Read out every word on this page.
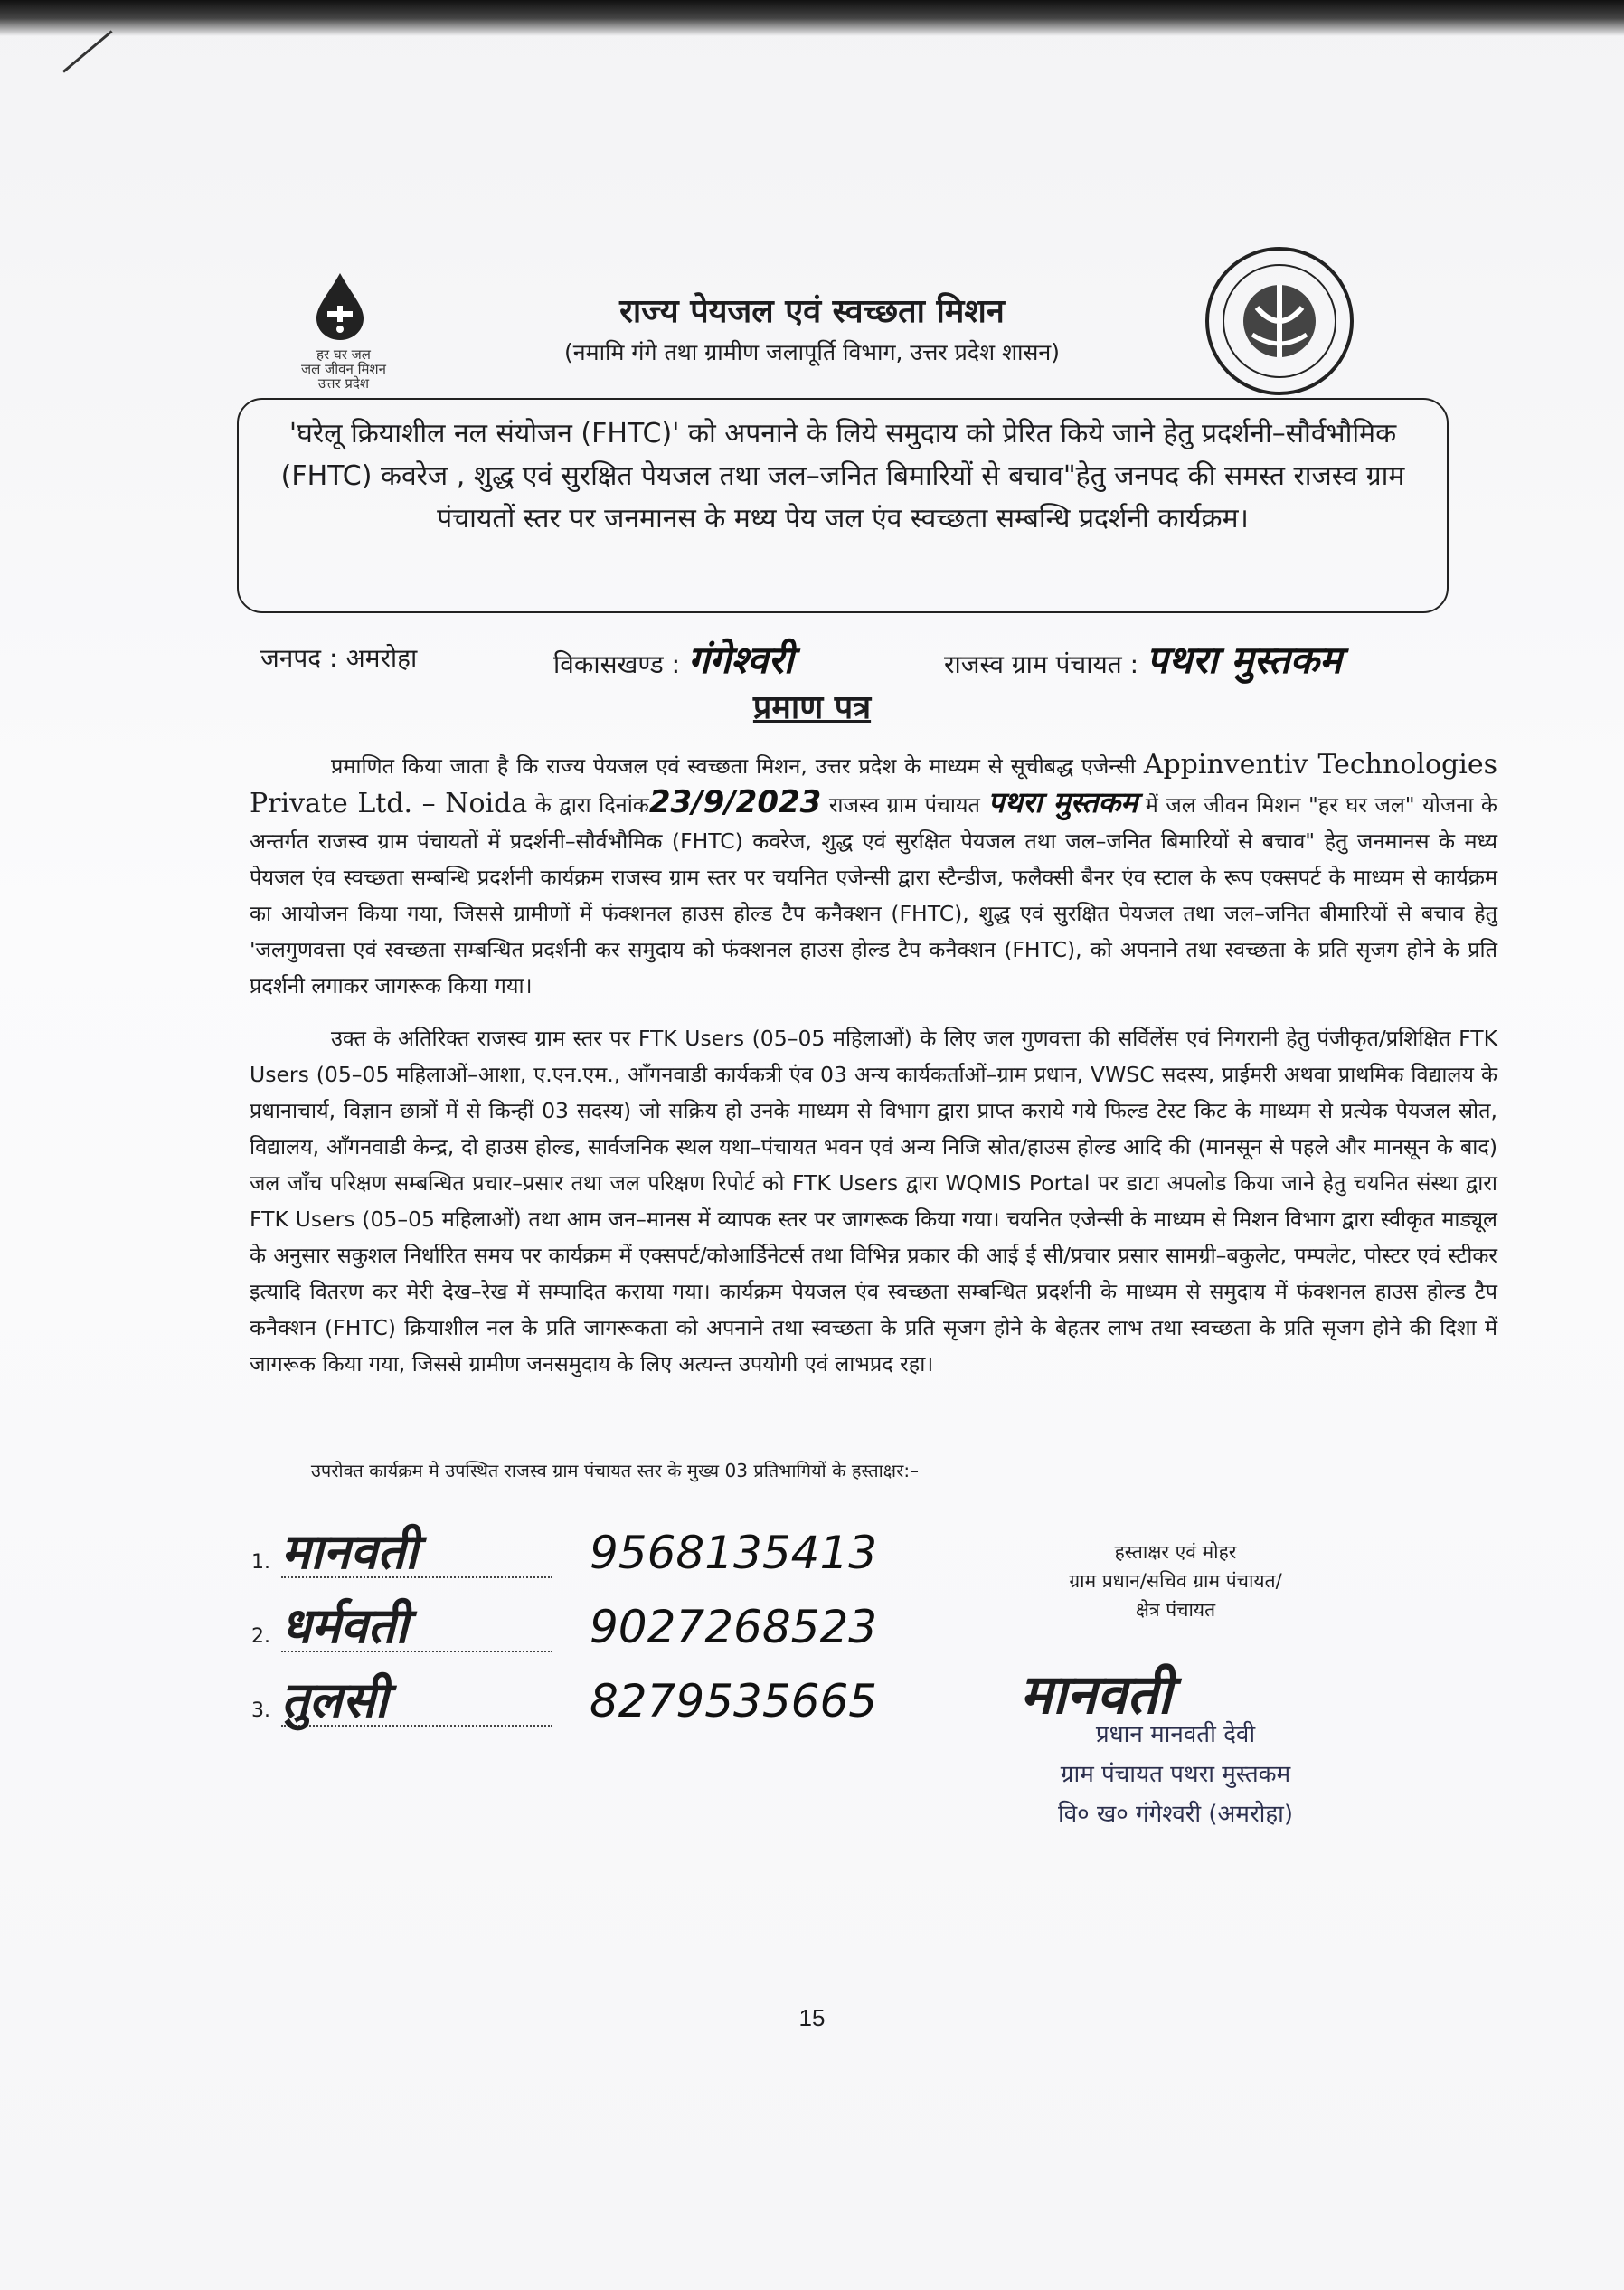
हर घर जल
जल जीवन मिशन
उत्तर प्रदेश
राज्य पेयजल एवं स्वच्छता मिशन
(नमामि गंगे तथा ग्रामीण जलापूर्ति विभाग, उत्तर प्रदेश शासन)
'घरेलू क्रियाशील नल संयोजन (FHTC)' को अपनाने के लिये समुदाय को प्रेरित किये जाने हेतु प्रदर्शनी–सौर्वभौमिक (FHTC) कवरेज , शुद्ध एवं सुरक्षित पेयजल तथा जल–जनित बिमारियों से बचाव"हेतु जनपद की समस्त राजस्व ग्राम पंचायतों स्तर पर जनमानस के मध्य पेय जल एंव स्वच्छता सम्बन्धि प्रदर्शनी कार्यक्रम।
जनपद : अमरोहा	विकासखण्ड : गंगेश्वरी	राजस्व ग्राम पंचायत : पथरा मुस्तकम
प्रमाण पत्र

प्रमाणित किया जाता है कि राज्य पेयजल एवं स्वच्छता मिशन, उत्तर प्रदेश के माध्यम से सूचीबद्ध एजेन्सी Appinventiv Technologies Private Ltd. – Noida के द्वारा दिनांक23/9/2023 राजस्व ग्राम पंचायत पथरा मुस्तकम में जल जीवन मिशन "हर घर जल" योजना के अन्तर्गत राजस्व ग्राम पंचायतों में प्रदर्शनी–सौर्वभौमिक (FHTC) कवरेज, शुद्ध एवं सुरक्षित पेयजल तथा जल–जनित बिमारियों से बचाव" हेतु जनमानस के मध्य पेयजल एंव स्वच्छता सम्बन्धि प्रदर्शनी कार्यक्रम राजस्व ग्राम स्तर पर चयनित एजेन्सी द्वारा स्टैन्डीज, फलैक्सी बैनर एंव स्टाल के रूप एक्सपर्ट के माध्यम से कार्यक्रम का आयोजन किया गया, जिससे ग्रामीणों में फंक्शनल हाउस होल्ड टैप कनैक्शन (FHTC), शुद्ध एवं सुरक्षित पेयजल तथा जल–जनित बीमारियों से बचाव हेतु 'जलगुणवत्ता एवं स्वच्छता सम्बन्धित प्रदर्शनी कर समुदाय को फंक्शनल हाउस होल्ड टैप कनैक्शन (FHTC), को अपनाने तथा स्वच्छता के प्रति सृजग होने के प्रति प्रदर्शनी लगाकर जागरूक किया गया।

उक्त के अतिरिक्त राजस्व ग्राम स्तर पर FTK Users (05–05 महिलाओं) के लिए जल गुणवत्ता की सर्विलेंस एवं निगरानी हेतु पंजीकृत/प्रशिक्षित FTK Users (05–05 महिलाओं–आशा, ए.एन.एम., आँगनवाडी कार्यकत्री एंव 03 अन्य कार्यकर्ताओं–ग्राम प्रधान, VWSC सदस्य, प्राईमरी अथवा प्राथमिक विद्यालय के प्रधानाचार्य, विज्ञान छात्रों में से किन्हीं 03 सदस्य) जो सक्रिय हो उनके माध्यम से विभाग द्वारा प्राप्त कराये गये फिल्ड टेस्ट किट के माध्यम से प्रत्येक पेयजल स्रोत, विद्यालय, आँगनवाडी केन्द्र, दो हाउस होल्ड, सार्वजनिक स्थल यथा–पंचायत भवन एवं अन्य निजि स्रोत/हाउस होल्ड आदि की (मानसून से पहले और मानसून के बाद) जल जाँच परिक्षण सम्बन्धित प्रचार–प्रसार तथा जल परिक्षण रिपोर्ट को FTK Users द्वारा WQMIS Portal पर डाटा अपलोड किया जाने हेतु चयनित संस्था द्वारा FTK Users (05–05 महिलाओं) तथा आम जन–मानस में व्यापक स्तर पर जागरूक किया गया। चयनित एजेन्सी के माध्यम से मिशन विभाग द्वारा स्वीकृत माड्यूल के अनुसार सकुशल निर्धारित समय पर कार्यक्रम में एक्सपर्ट/कोआर्डिनेटर्स तथा विभिन्न प्रकार की आई ई सी/प्रचार प्रसार सामग्री–बकुलेट, पम्पलेट, पोस्टर एवं स्टीकर इत्यादि वितरण कर मेरी देख–रेख में सम्पादित कराया गया। कार्यक्रम पेयजल एंव स्वच्छता सम्बन्धित प्रदर्शनी के माध्यम से समुदाय में फंक्शनल हाउस होल्ड टैप कनैक्शन (FHTC) क्रियाशील नल के प्रति जागरूकता को अपनाने तथा स्वच्छता के प्रति सृजग होने के बेहतर लाभ तथा स्वच्छता के प्रति सृजग होने की दिशा में जागरूक किया गया, जिससे ग्रामीण जनसमुदाय के लिए अत्यन्त उपयोगी एवं लाभप्रद रहा।

उपरोक्त कार्यक्रम मे उपस्थित राजस्व ग्राम पंचायत स्तर के मुख्य 03 प्रतिभागियों के हस्ताक्षर:–
1. मानवती	9568135413
2. धर्मवती	9027268523
3. तुलसी	8279535665
हस्ताक्षर एवं मोहर
ग्राम प्रधान/सचिव ग्राम पंचायत/
क्षेत्र पंचायत
मानवती
प्रधान मानवती देवी
ग्राम पंचायत पथरा मुस्तकम
वि० ख० गंगेश्वरी (अमरोहा)
15
